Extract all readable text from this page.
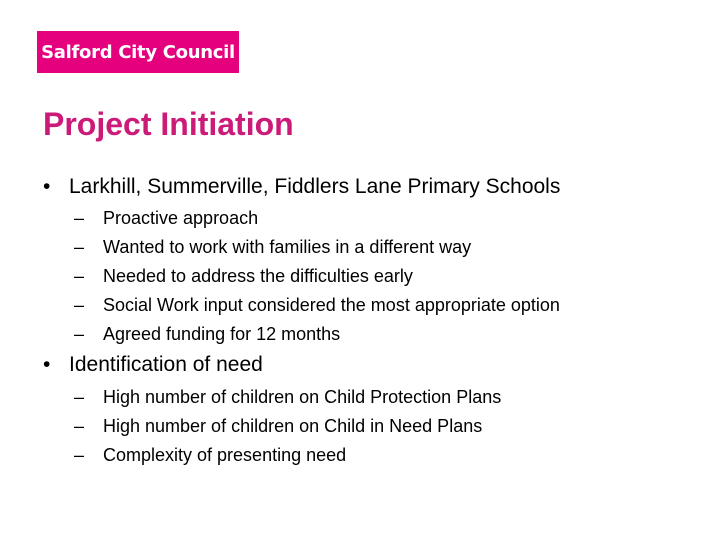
Salford City Council
Project Initiation
• Larkhill, Summerville, Fiddlers Lane Primary Schools
– Proactive approach
– Wanted to work with families in a different way
– Needed to address the difficulties early
– Social Work input considered the most appropriate option
– Agreed funding for 12 months
• Identification of need
– High number of children on Child Protection Plans
– High number of children on Child in Need Plans
– Complexity of presenting need
